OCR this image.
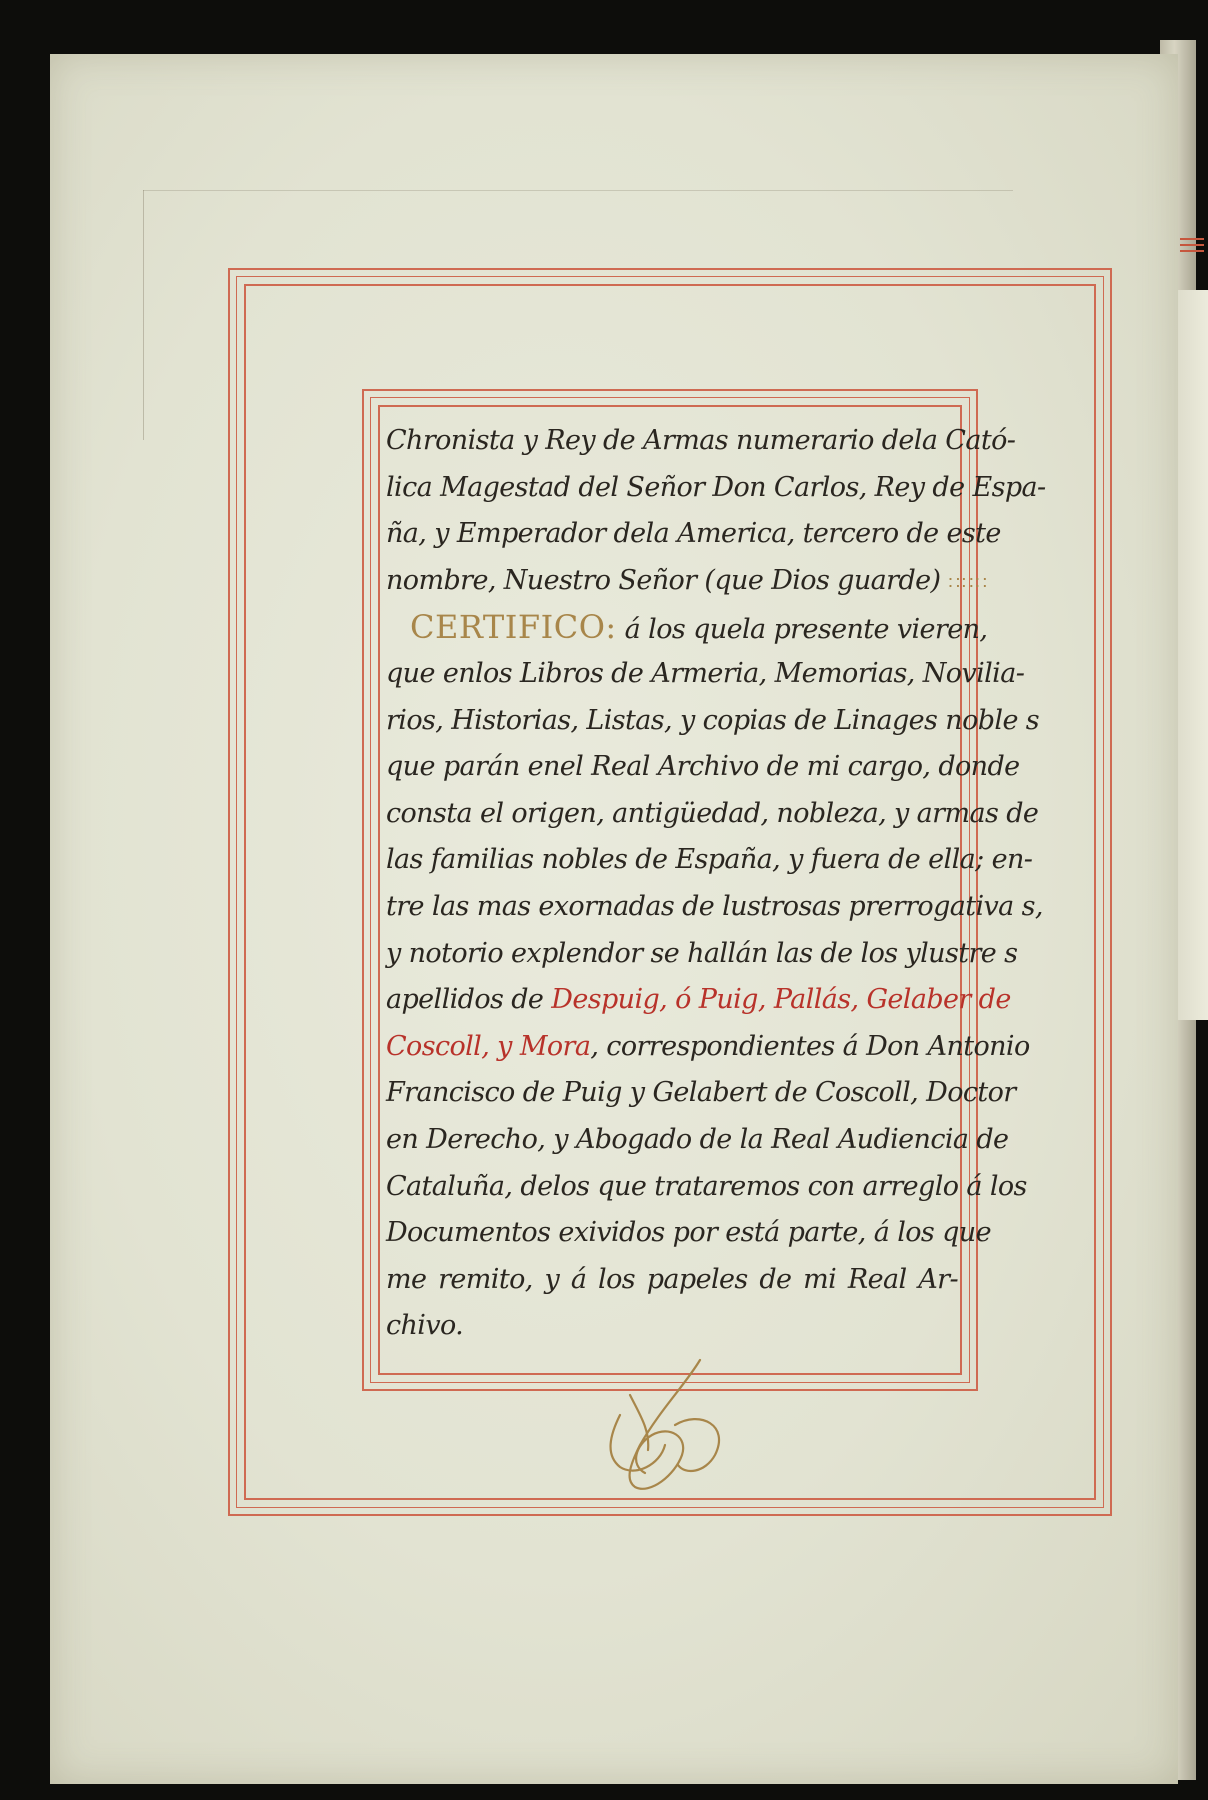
Chronista y Rey de Armas numerario dela Cató-
lica Magestad del Señor Don Carlos, Rey de Espa-
ña, y Emperador dela America, tercero de este
nombre, Nuestro Señor (que Dios guarde) ∷∷∷
CERTIFICO: á los quela presente vieren,
que enlos Libros de Armeria, Memorias, Novilia-
rios, Historias, Listas, y copias de Linages noble s
que parán enel Real Archivo de mi cargo, donde
consta el origen, antigüedad, nobleza, y armas de
las familias nobles de España, y fuera de ella; en-
tre las mas exornadas de lustrosas prerrogativa s,
y notorio explendor se hallán las de los ylustre s
apellidos de Despuig, ó Puig, Pallás, Gelaber de
Coscoll, y Mora, correspondientes á Don Antonio
Francisco de Puig y Gelabert de Coscoll, Doctor
en Derecho, y Abogado de la Real Audiencia de
Cataluña, delos que trataremos con arreglo á los
Documentos exividos por está parte, á los que
me remito, y á los papeles de mi Real Ar-
chivo.
